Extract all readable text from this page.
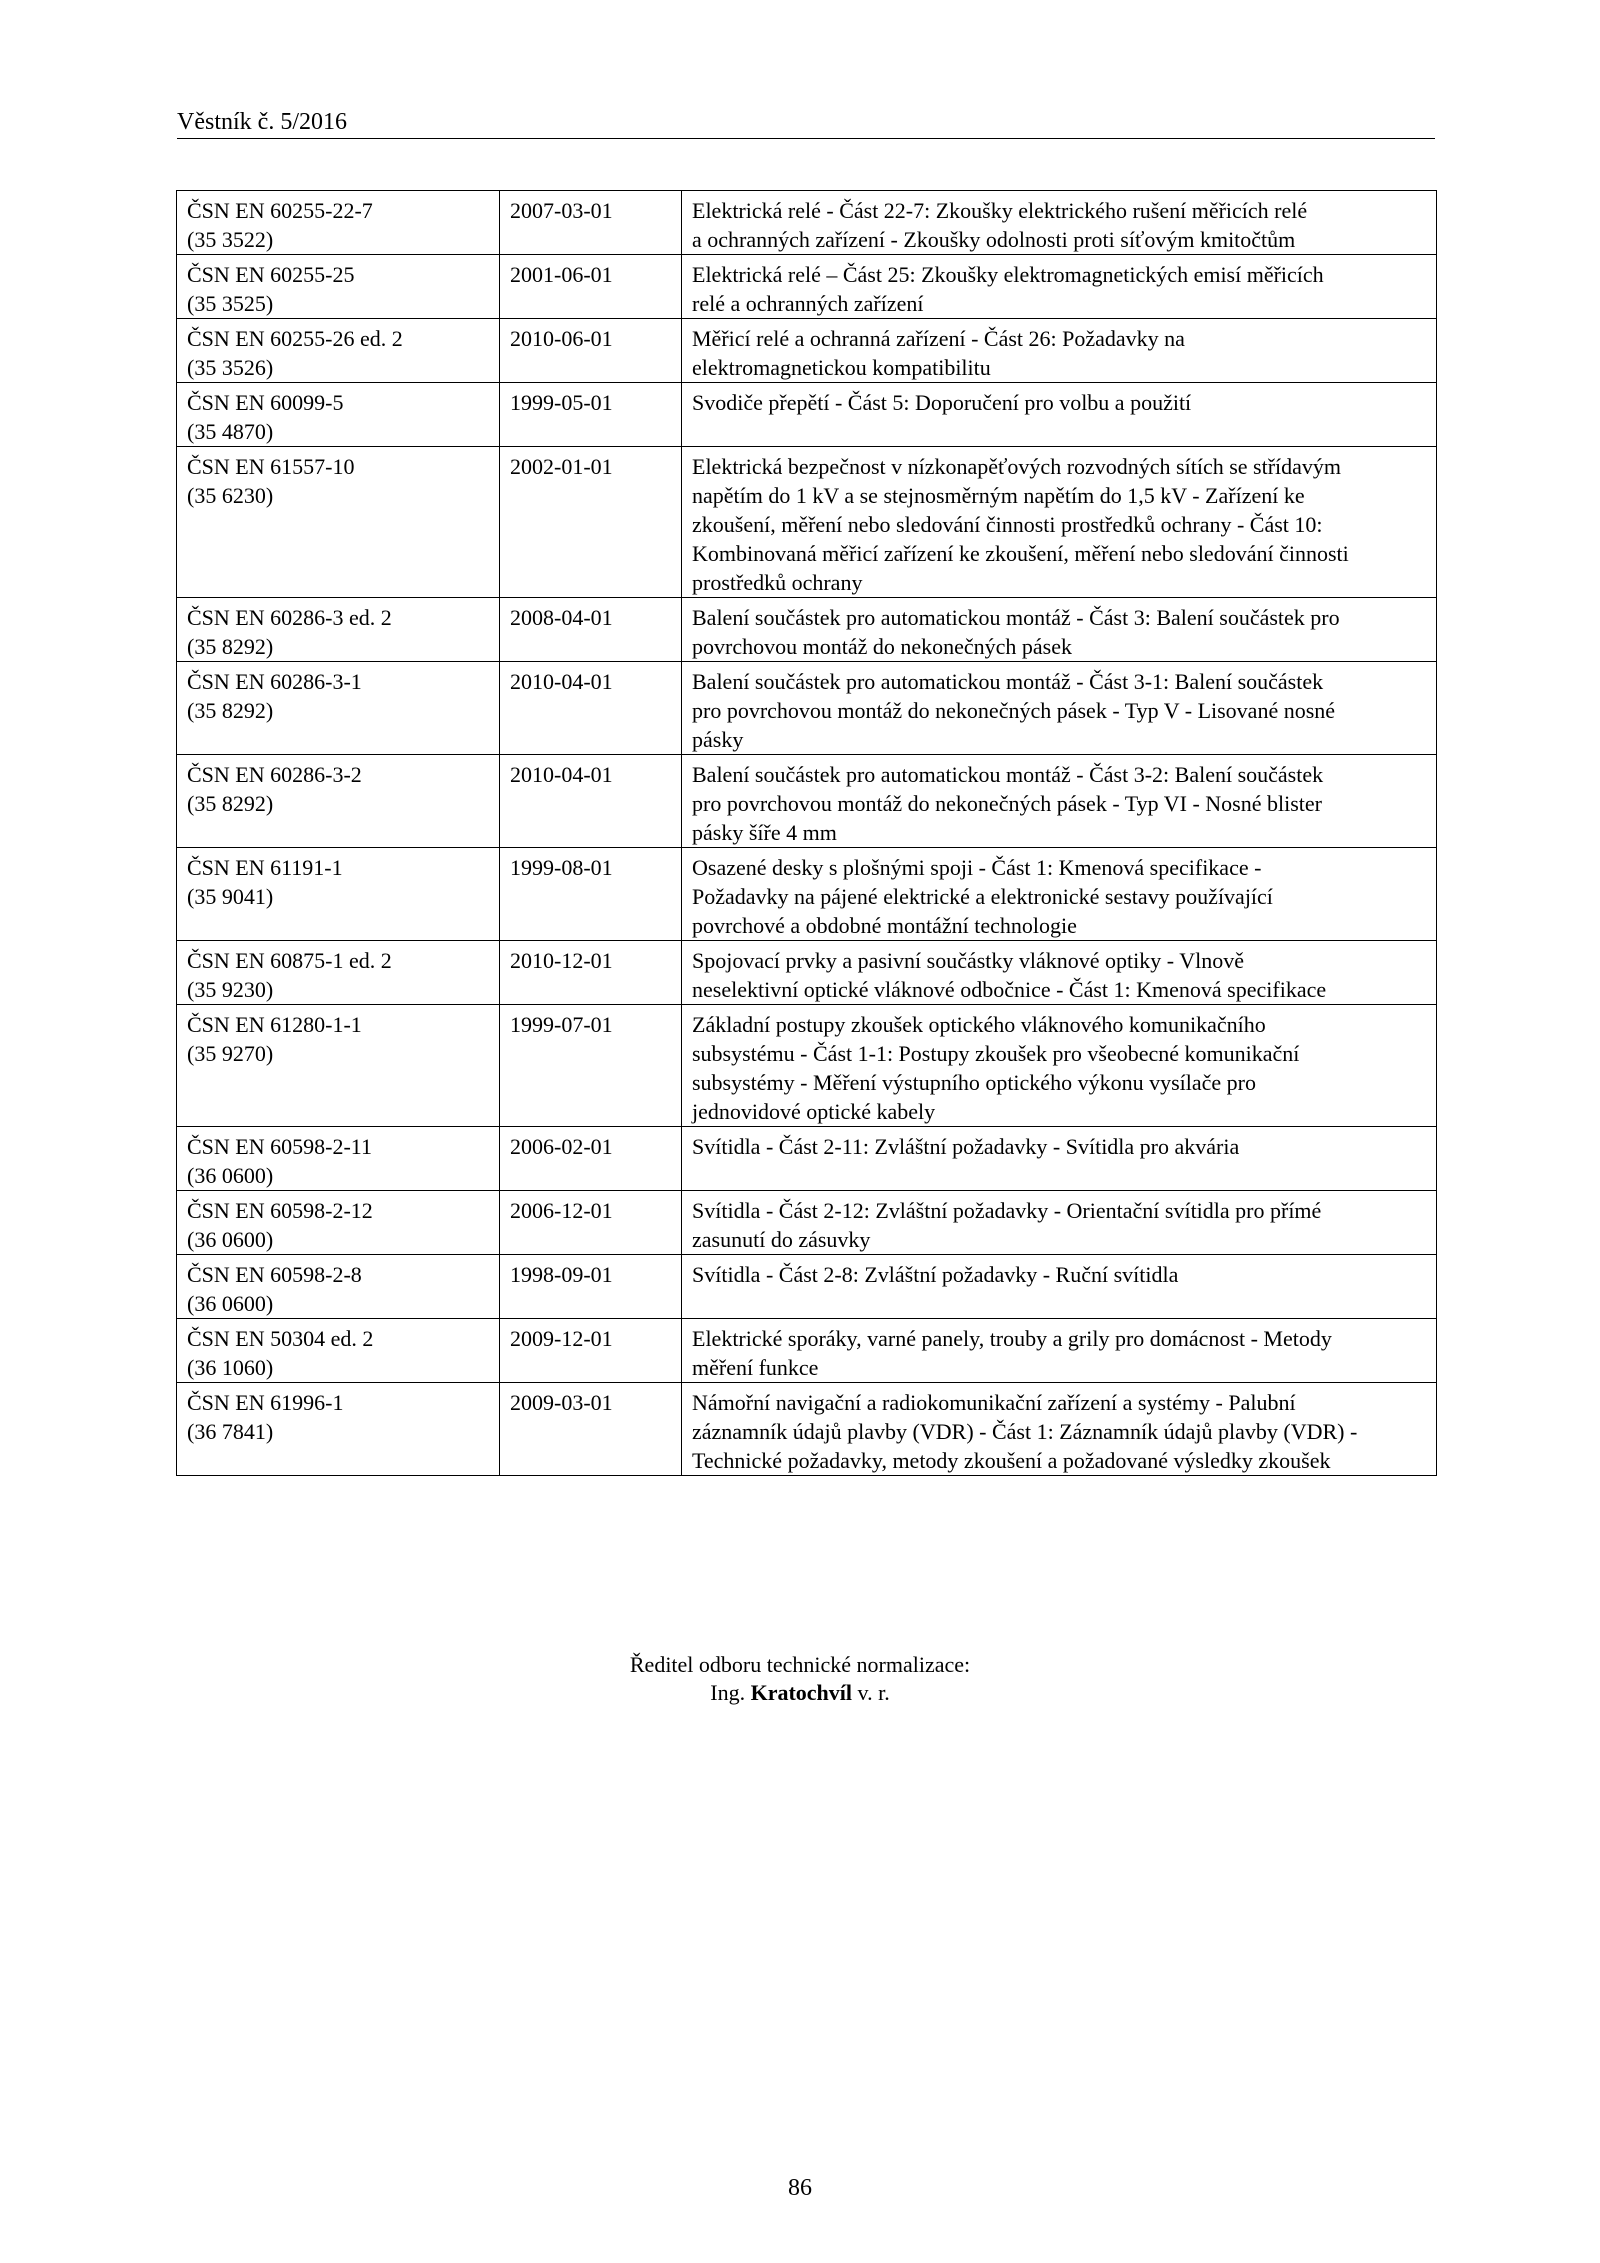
Věstník č. 5/2016
ČSN EN 60255-22-7
(35 3522)	2007-03-01	Elektrická relé - Část 22-7: Zkoušky elektrického rušení měřicích relé
a ochranných zařízení - Zkoušky odolnosti proti síťovým kmitočtům

ČSN EN 60255-25
(35 3525)	2001-06-01	Elektrická relé – Část 25: Zkoušky elektromagnetických emisí měřicích
relé a ochranných zařízení

ČSN EN 60255-26 ed. 2
(35 3526)	2010-06-01	Měřicí relé a ochranná zařízení - Část 26: Požadavky na
elektromagnetickou kompatibilitu

ČSN EN 60099-5
(35 4870)	1999-05-01	Svodiče přepětí - Část 5: Doporučení pro volbu a použití

ČSN EN 61557-10
(35 6230)	2002-01-01	Elektrická bezpečnost v nízkonapěťových rozvodných sítích se střídavým
napětím do 1 kV a se stejnosměrným napětím do 1,5 kV - Zařízení ke
zkoušení, měření nebo sledování činnosti prostředků ochrany - Část 10:
Kombinovaná měřicí zařízení ke zkoušení, měření nebo sledování činnosti
prostředků ochrany

ČSN EN 60286-3 ed. 2
(35 8292)	2008-04-01	Balení součástek pro automatickou montáž - Část 3: Balení součástek pro
povrchovou montáž do nekonečných pásek

ČSN EN 60286-3-1
(35 8292)	2010-04-01	Balení součástek pro automatickou montáž - Část 3-1: Balení součástek
pro povrchovou montáž do nekonečných pásek - Typ V - Lisované nosné
pásky

ČSN EN 60286-3-2
(35 8292)	2010-04-01	Balení součástek pro automatickou montáž - Část 3-2: Balení součástek
pro povrchovou montáž do nekonečných pásek - Typ VI - Nosné blister
pásky šíře 4 mm

ČSN EN 61191-1
(35 9041)	1999-08-01	Osazené desky s plošnými spoji - Část 1: Kmenová specifikace -
Požadavky na pájené elektrické a elektronické sestavy používající
povrchové a obdobné montážní technologie

ČSN EN 60875-1 ed. 2
(35 9230)	2010-12-01	Spojovací prvky a pasivní součástky vláknové optiky - Vlnově
neselektivní optické vláknové odbočnice - Část 1: Kmenová specifikace

ČSN EN 61280-1-1
(35 9270)	1999-07-01	Základní postupy zkoušek optického vláknového komunikačního
subsystému - Část 1-1: Postupy zkoušek pro všeobecné komunikační
subsystémy - Měření výstupního optického výkonu vysílače pro
jednovidové optické kabely

ČSN EN 60598-2-11
(36 0600)	2006-02-01	Svítidla - Část 2-11: Zvláštní požadavky - Svítidla pro akvária

ČSN EN 60598-2-12
(36 0600)	2006-12-01	Svítidla - Část 2-12: Zvláštní požadavky - Orientační svítidla pro přímé
zasunutí do zásuvky

ČSN EN 60598-2-8
(36 0600)	1998-09-01	Svítidla - Část 2-8: Zvláštní požadavky - Ruční svítidla

ČSN EN 50304 ed. 2
(36 1060)	2009-12-01	Elektrické sporáky, varné panely, trouby a grily pro domácnost - Metody
měření funkce

ČSN EN 61996-1
(36 7841)	2009-03-01	Námořní navigační a radiokomunikační zařízení a systémy - Palubní
záznamník údajů plavby (VDR) - Část 1: Záznamník údajů plavby (VDR) -
Technické požadavky, metody zkoušení a požadované výsledky zkoušek
Ředitel odboru technické normalizace:
Ing. Kratochvíl v. r.
86
